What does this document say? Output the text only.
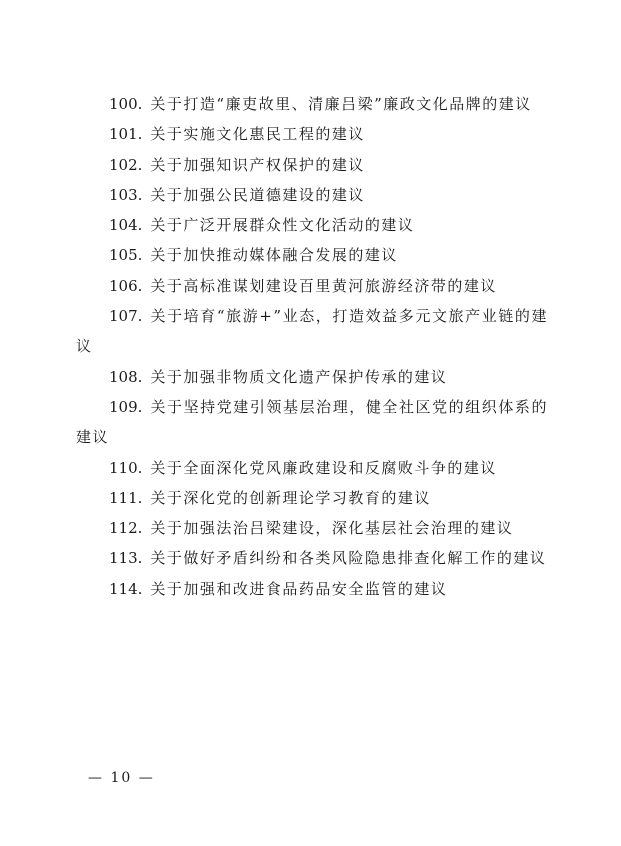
100. 关于打造“廉吏故里、清廉吕梁”廉政文化品牌的建议

101. 关于实施文化惠民工程的建议

102. 关于加强知识产权保护的建议

103. 关于加强公民道德建设的建议

104. 关于广泛开展群众性文化活动的建议

105. 关于加快推动媒体融合发展的建议

106. 关于高标准谋划建设百里黄河旅游经济带的建议

107. 关于培育“旅游+”业态，打造效益多元文旅产业链的建议

108. 关于加强非物质文化遗产保护传承的建议

109. 关于坚持党建引领基层治理，健全社区党的组织体系的建议

110. 关于全面深化党风廉政建设和反腐败斗争的建议

111. 关于深化党的创新理论学习教育的建议

112. 关于加强法治吕梁建设，深化基层社会治理的建议

113. 关于做好矛盾纠纷和各类风险隐患排查化解工作的建议

114. 关于加强和改进食品药品安全监管的建议

— 10 —
